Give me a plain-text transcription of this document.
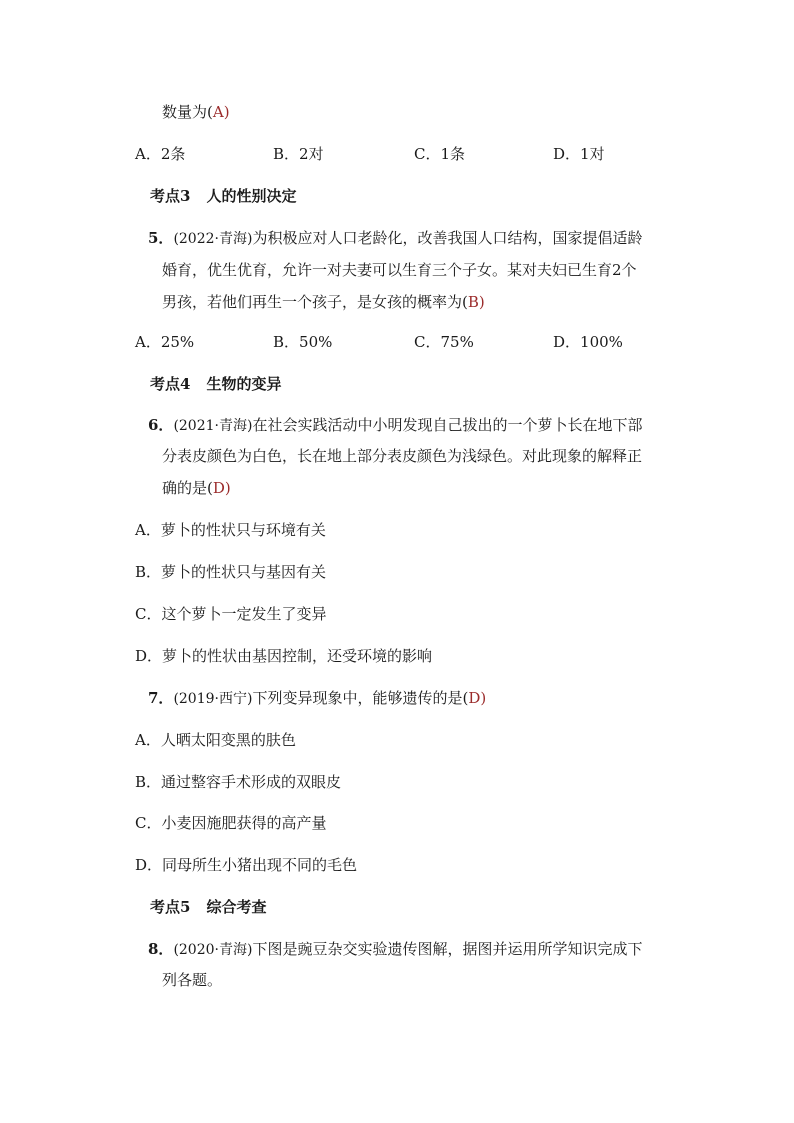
数量为(A)
A．2条	B．2对	C．1条	D．1对
考点3 人的性别决定
5．(2022·青海)为积极应对人口老龄化，改善我国人口结构，国家提倡适龄
婚育，优生优育，允许一对夫妻可以生育三个子女。某对夫妇已生育2个
男孩，若他们再生一个孩子，是女孩的概率为(B)
A．25%	B．50%	C．75%	D．100%
考点4 生物的变异
6．(2021·青海)在社会实践活动中小明发现自己拔出的一个萝卜长在地下部
分表皮颜色为白色，长在地上部分表皮颜色为浅绿色。对此现象的解释正
确的是(D)
A．萝卜的性状只与环境有关
B．萝卜的性状只与基因有关
C．这个萝卜一定发生了变异
D．萝卜的性状由基因控制，还受环境的影响
7．(2019·西宁)下列变异现象中，能够遗传的是(D)
A．人晒太阳变黑的肤色
B．通过整容手术形成的双眼皮
C．小麦因施肥获得的高产量
D．同母所生小猪出现不同的毛色
考点5 综合考查
8．(2020·青海)下图是豌豆杂交实验遗传图解，据图并运用所学知识完成下
列各题。
